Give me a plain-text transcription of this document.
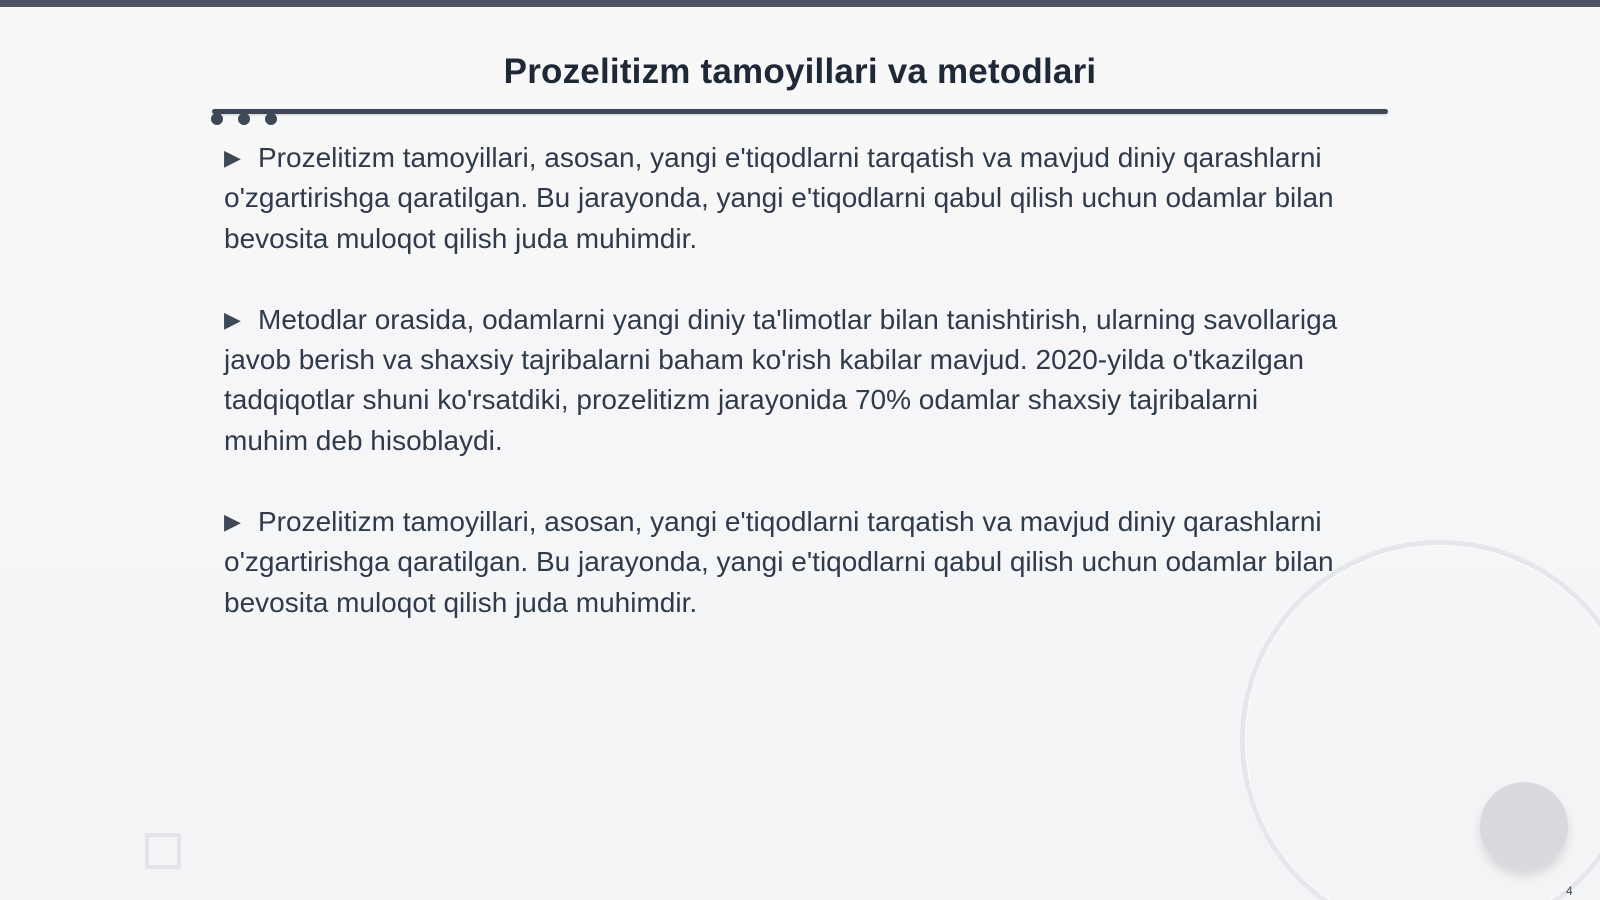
Prozelitizm tamoyillari va metodlari

▶ Prozelitizm tamoyillari, asosan, yangi e'tiqodlarni tarqatish va mavjud diniy qarashlarni o'zgartirishga qaratilgan. Bu jarayonda, yangi e'tiqodlarni qabul qilish uchun odamlar bilan bevosita muloqot qilish juda muhimdir.

▶ Metodlar orasida, odamlarni yangi diniy ta'limotlar bilan tanishtirish, ularning savollariga javob berish va shaxsiy tajribalarni baham ko'rish kabilar mavjud. 2020-yilda o'tkazilgan tadqiqotlar shuni ko'rsatdiki, prozelitizm jarayonida 70% odamlar shaxsiy tajribalarni muhim deb hisoblaydi.

▶ Prozelitizm tamoyillari, asosan, yangi e'tiqodlarni tarqatish va mavjud diniy qarashlarni o'zgartirishga qaratilgan. Bu jarayonda, yangi e'tiqodlarni qabul qilish uchun odamlar bilan bevosita muloqot qilish juda muhimdir.

4
